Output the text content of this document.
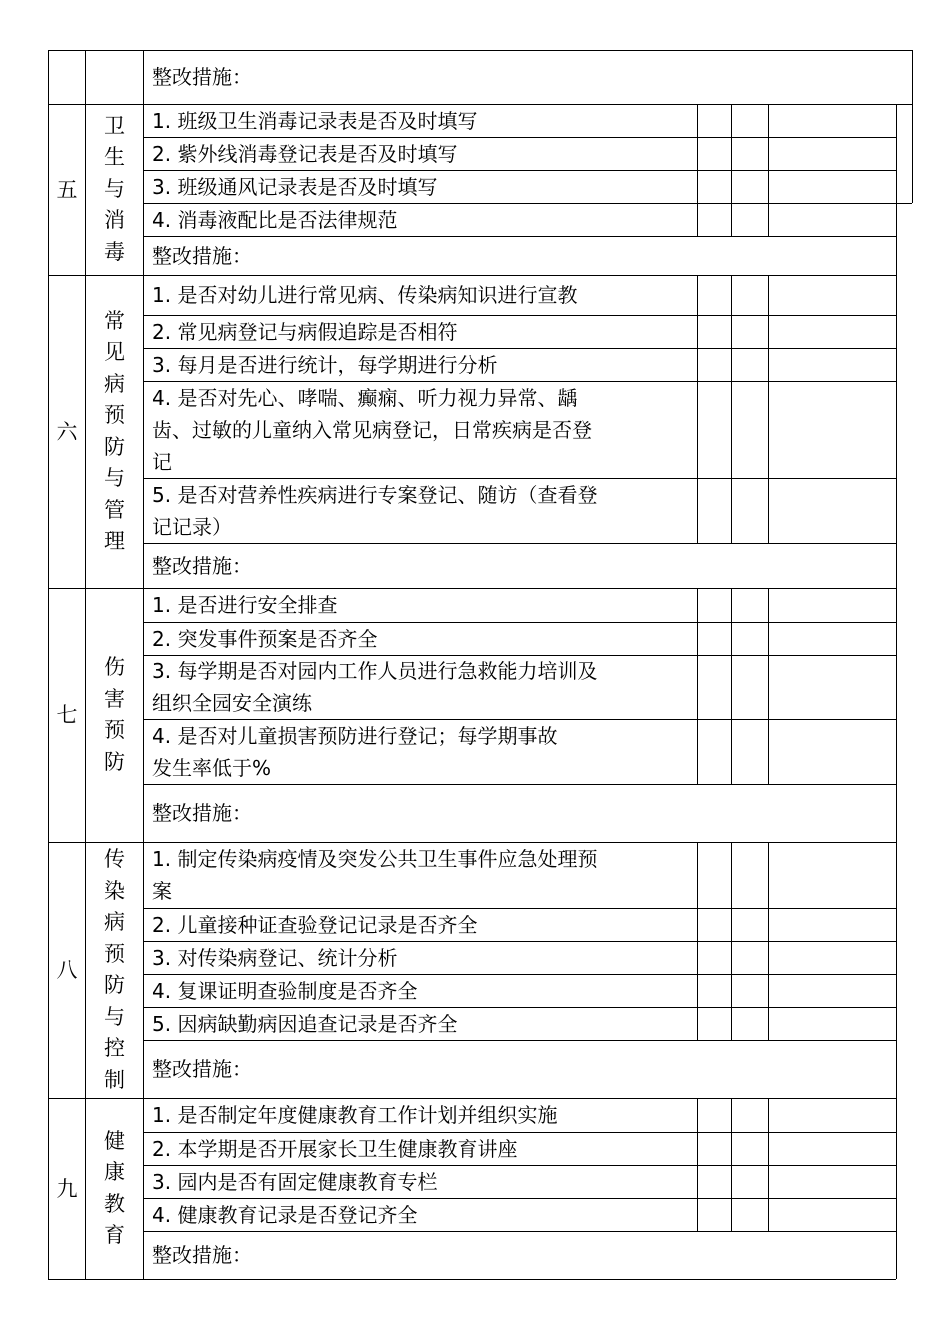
整改措施：
五
卫
生
与
消
毒
1. 班级卫生消毒记录表是否及时填写
2. 紫外线消毒登记表是否及时填写
3. 班级通风记录表是否及时填写
4. 消毒液配比是否法律规范
整改措施：
六
常
见
病
预
防
与
管
理
1. 是否对幼儿进行常见病、传染病知识进行宣教
2. 常见病登记与病假追踪是否相符
3. 每月是否进行统计，每学期进行分析
4. 是否对先心、哮喘、癫痫、听力视力异常、龋
齿、过敏的儿童纳入常见病登记，日常疾病是否登
记
5. 是否对营养性疾病进行专案登记、随访（查看登
记记录）
整改措施：
七
伤
害
预
防
1. 是否进行安全排查
2. 突发事件预案是否齐全
3. 每学期是否对园内工作人员进行急救能力培训及
组织全园安全演练
4. 是否对儿童损害预防进行登记；每学期事故
发生率低于%
整改措施：
八
传
染
病
预
防
与
控
制
1. 制定传染病疫情及突发公共卫生事件应急处理预
案
2. 儿童接种证查验登记记录是否齐全
3. 对传染病登记、统计分析
4. 复课证明查验制度是否齐全
5. 因病缺勤病因追查记录是否齐全
整改措施：
九
健
康
教
育
1. 是否制定年度健康教育工作计划并组织实施
2. 本学期是否开展家长卫生健康教育讲座
3. 园内是否有固定健康教育专栏
4. 健康教育记录是否登记齐全
整改措施：
